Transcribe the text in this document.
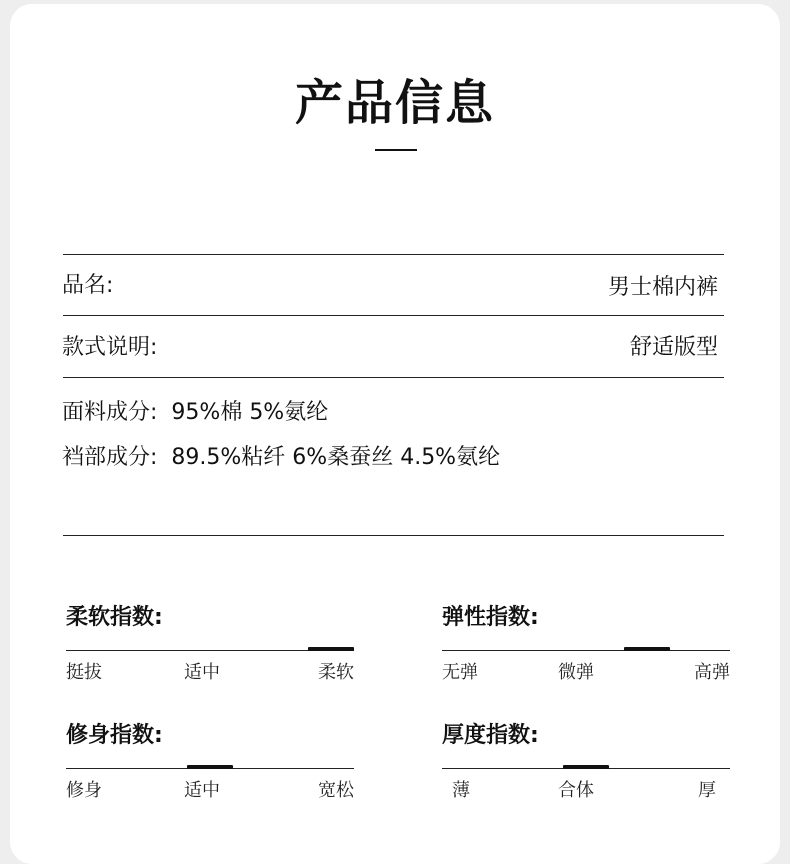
产品信息
品名:	男士棉内裤
款式说明:	舒适版型
面料成分: 95%棉 5%氨纶
裆部成分: 89.5%粘纤 6%桑蚕丝 4.5%氨纶
柔软指数:
挺拔	适中	柔软
弹性指数:
无弹	微弹	高弹
修身指数:
修身	适中	宽松
厚度指数:
薄	合体	厚
